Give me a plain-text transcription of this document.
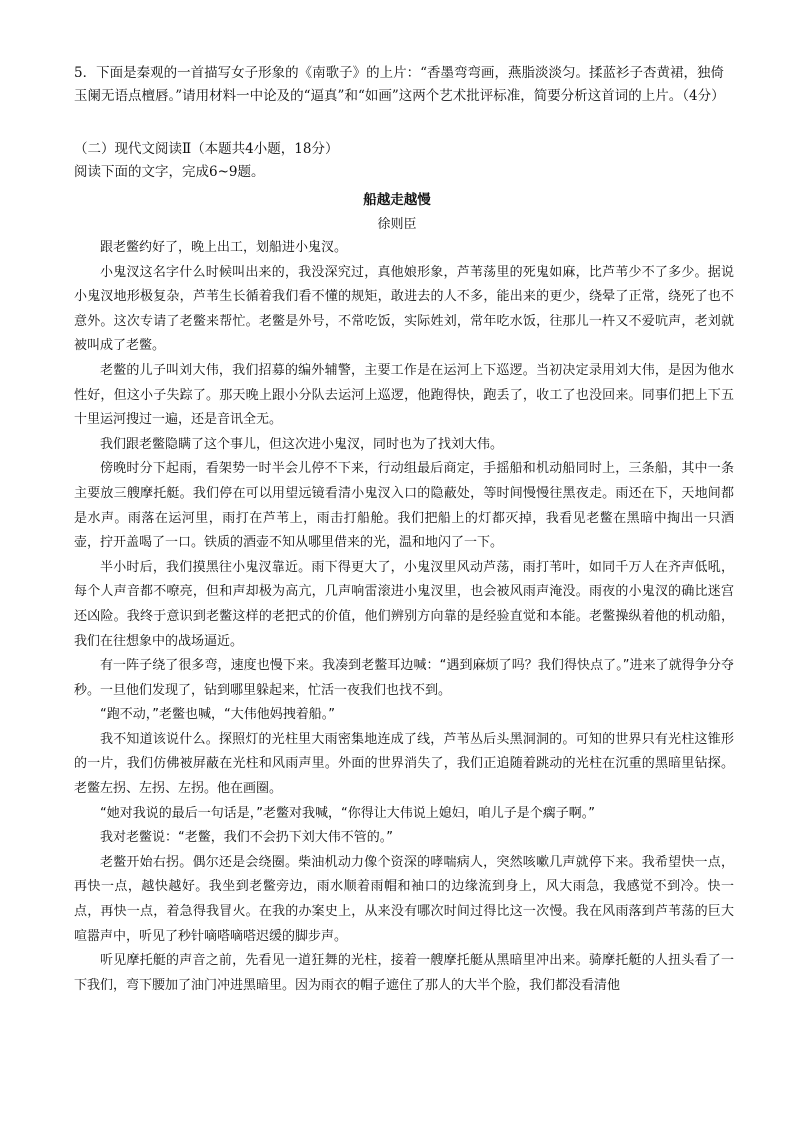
5．下面是秦观的一首描写女子形象的《南歌子》的上片：“香墨弯弯画，燕脂淡淡匀。揉蓝衫子杏黄裙，独倚玉阑无语点檀唇。”请用材料一中论及的“逼真”和“如画”这两个艺术批评标准，简要分析这首词的上片。（4分）

（二）现代文阅读Ⅱ（本题共4小题，18分）

阅读下面的文字，完成6~9题。

船越走越慢

徐则臣

跟老鳖约好了，晚上出工，划船进小鬼汊。

小鬼汊这名字什么时候叫出来的，我没深究过，真他娘形象，芦苇荡里的死鬼如麻，比芦苇少不了多少。据说小鬼汊地形极复杂，芦苇生长循着我们看不懂的规矩，敢进去的人不多，能出来的更少，绕晕了正常，绕死了也不意外。这次专请了老鳖来帮忙。老鳖是外号，不常吃饭，实际姓刘，常年吃水饭，往那儿一杵又不爱吭声，老刘就被叫成了老鳖。

老鳖的儿子叫刘大伟，我们招募的编外辅警，主要工作是在运河上下巡逻。当初决定录用刘大伟，是因为他水性好，但这小子失踪了。那天晚上跟小分队去运河上巡逻，他跑得快，跑丢了，收工了也没回来。同事们把上下五十里运河搜过一遍，还是音讯全无。

我们跟老鳖隐瞒了这个事儿，但这次进小鬼汊，同时也为了找刘大伟。

傍晚时分下起雨，看架势一时半会儿停不下来，行动组最后商定，手摇船和机动船同时上，三条船，其中一条主要放三艘摩托艇。我们停在可以用望远镜看清小鬼汊入口的隐蔽处，等时间慢慢往黑夜走。雨还在下，天地间都是水声。雨落在运河里，雨打在芦苇上，雨击打船舱。我们把船上的灯都灭掉，我看见老鳖在黑暗中掏出一只酒壶，拧开盖喝了一口。铁质的酒壶不知从哪里借来的光，温和地闪了一下。

半小时后，我们摸黑往小鬼汊靠近。雨下得更大了，小鬼汊里风动芦荡，雨打苇叶，如同千万人在齐声低吼，每个人声音都不嘹亮，但和声却极为高亢，几声响雷滚进小鬼汊里，也会被风雨声淹没。雨夜的小鬼汊的确比迷宫还凶险。我终于意识到老鳖这样的老把式的价值，他们辨别方向靠的是经验直觉和本能。老鳖操纵着他的机动船，我们在往想象中的战场逼近。

有一阵子绕了很多弯，速度也慢下来。我凑到老鳖耳边喊：“遇到麻烦了吗？我们得快点了。”进来了就得争分夺秒。一旦他们发现了，钻到哪里躲起来，忙活一夜我们也找不到。

“跑不动，”老鳖也喊，“大伟他妈拽着船。”

我不知道该说什么。探照灯的光柱里大雨密集地连成了线，芦苇丛后头黑洞洞的。可知的世界只有光柱这锥形的一片，我们仿佛被屏蔽在光柱和风雨声里。外面的世界消失了，我们正追随着跳动的光柱在沉重的黑暗里钻探。老鳖左拐、左拐、左拐。他在画圈。

“她对我说的最后一句话是，”老鳖对我喊，“你得让大伟说上媳妇，咱儿子是个瘸子啊。”

我对老鳖说：“老鳖，我们不会扔下刘大伟不管的。”

老鳖开始右拐。偶尔还是会绕圈。柴油机动力像个资深的哮喘病人，突然咳嗽几声就停下来。我希望快一点，再快一点，越快越好。我坐到老鳖旁边，雨水顺着雨帽和袖口的边缘流到身上，风大雨急，我感觉不到冷。快一点，再快一点，着急得我冒火。在我的办案史上，从来没有哪次时间过得比这一次慢。我在风雨落到芦苇荡的巨大喧嚣声中，听见了秒针嘀嗒嘀嗒迟缓的脚步声。

听见摩托艇的声音之前，先看见一道狂舞的光柱，接着一艘摩托艇从黑暗里冲出来。骑摩托艇的人扭头看了一下我们，弯下腰加了油门冲进黑暗里。因为雨衣的帽子遮住了那人的大半个脸，我们都没看清他
